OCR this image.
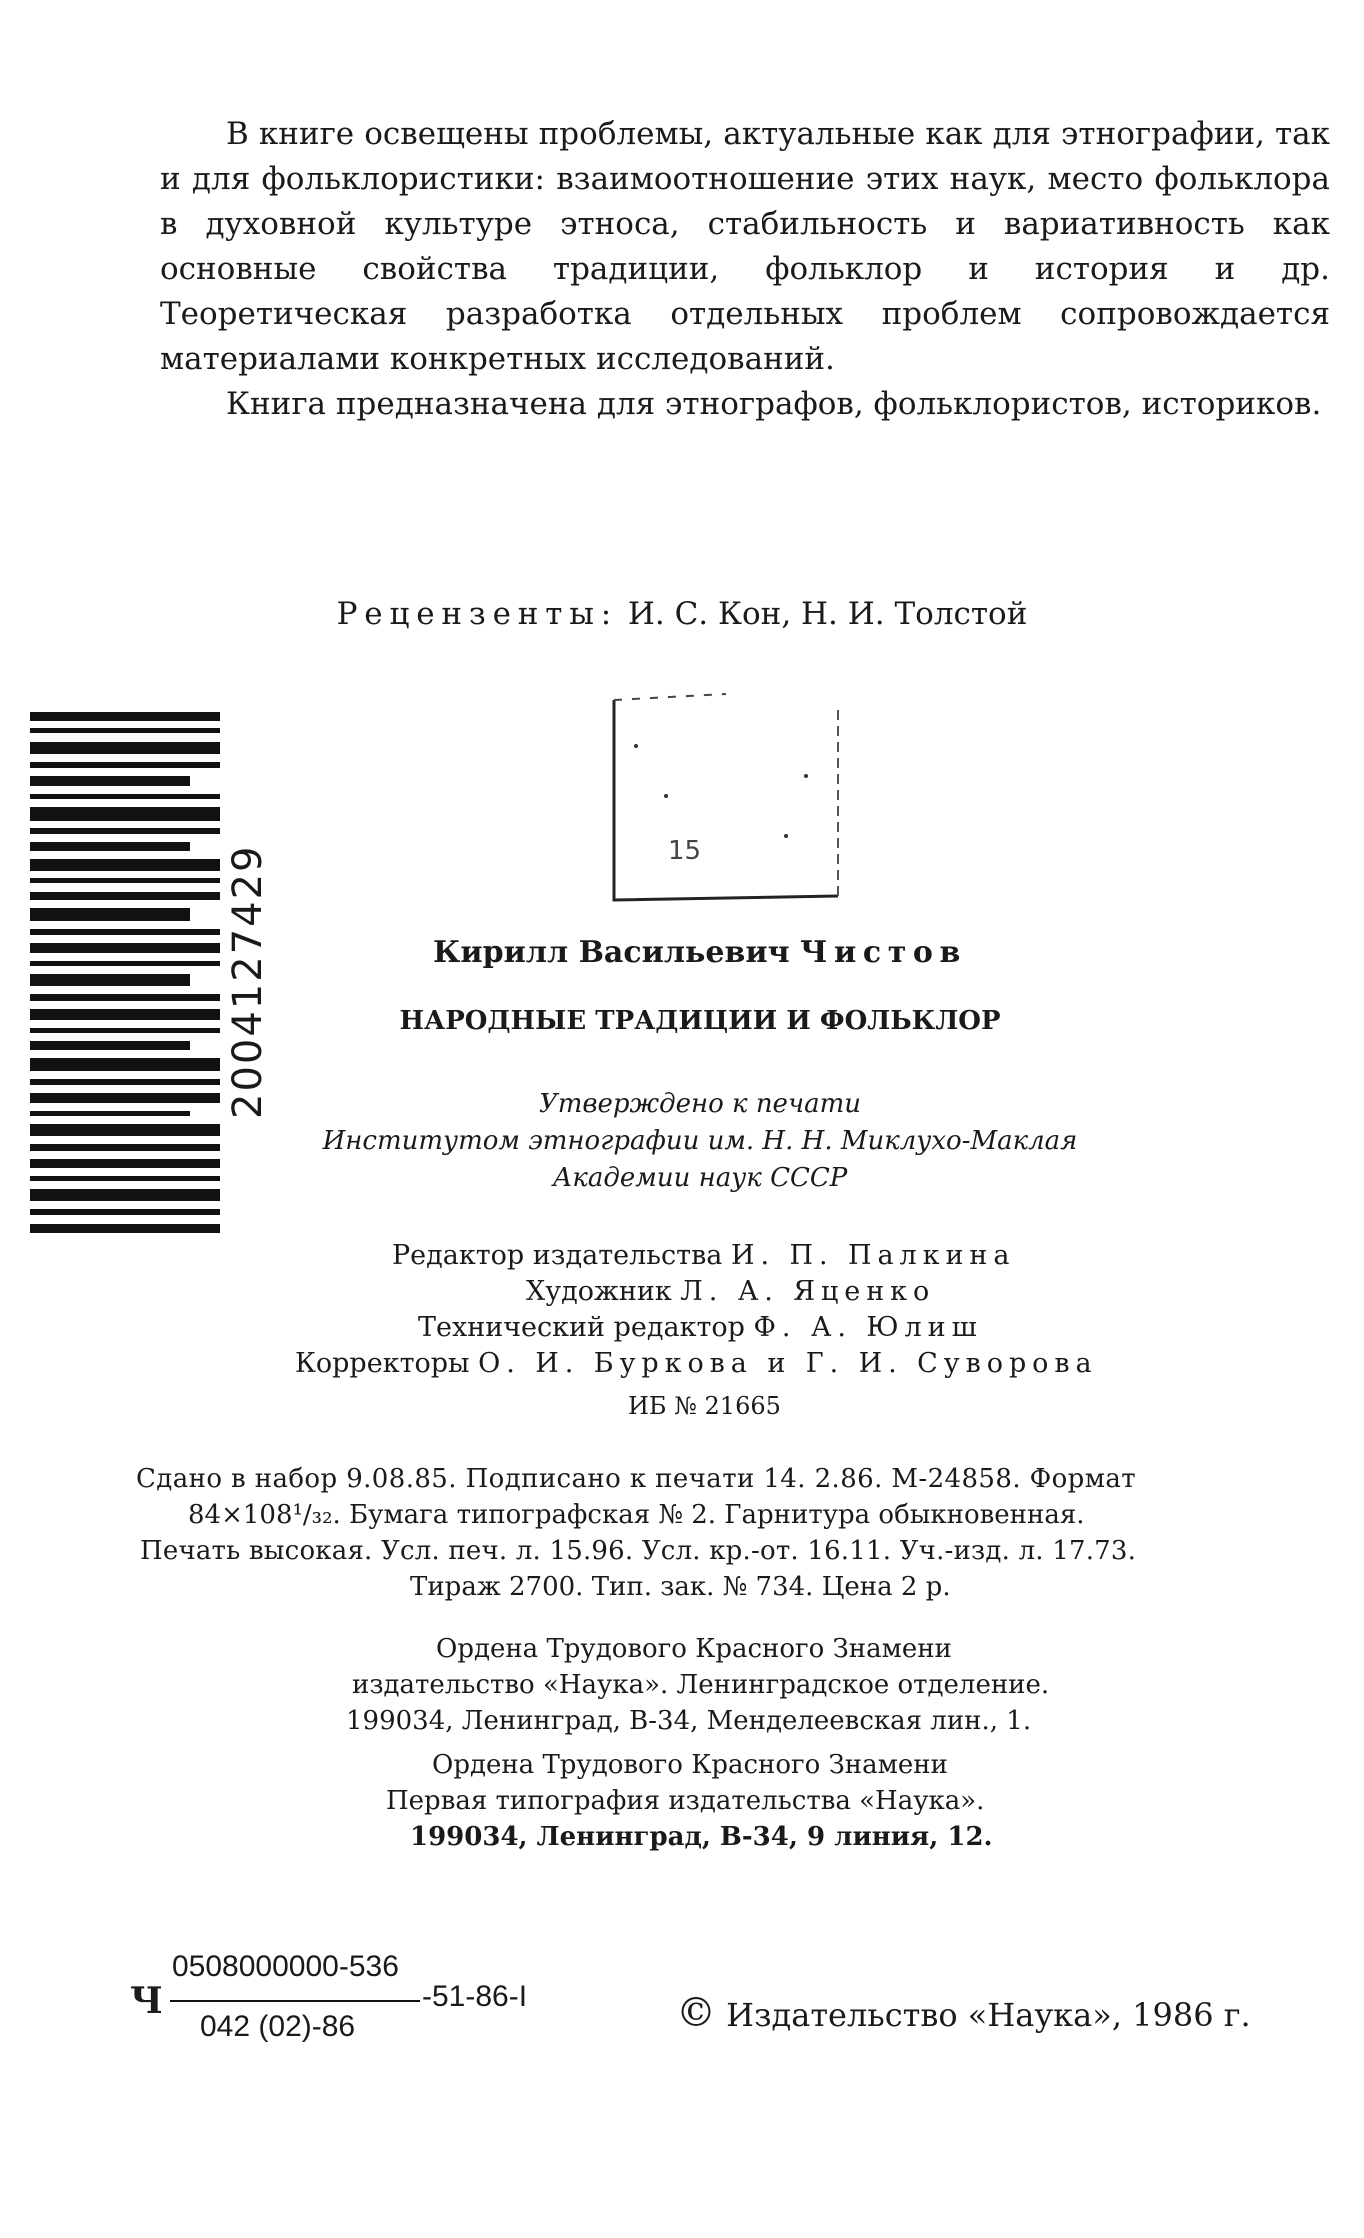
В книге освещены проблемы, актуальные как для этнографии, так и для фольклористики: взаимоотношение этих наук, место фольклора в духовной культуре этноса, стабильность и вариативность как основные свойства традиции, фольклор и история и др. Теоретическая разработка отдельных проблем сопровождается материалами конкретных исследований.

Книга предназначена для этнографов, фольклористов, историков.

Рецензенты: И. С. Кон, Н. И. Толстой
2004127429	15
Кирилл Васильевич Чистов
НАРОДНЫЕ ТРАДИЦИИ И ФОЛЬКЛОР
Утверждено к печати
Институтом этнографии им. Н. Н. Миклухо-Маклая
Академии наук СССР
Редактор издательства И. П. Палкина
Художник Л. А. Яценко
Технический редактор Ф. А. Юлиш
Корректоры О. И. Буркова и Г. И. Суворова
ИБ № 21665
Сдано в набор 9.08.85. Подписано к печати 14. 2.86. М-24858. Формат
84×108¹/₃₂. Бумага типографская № 2. Гарнитура обыкновенная.
Печать высокая. Усл. печ. л. 15.96. Усл. кр.-от. 16.11. Уч.-изд. л. 17.73.
Тираж 2700. Тип. зак. № 734. Цена 2 р.
Ордена Трудового Красного Знамени
издательство «Наука». Ленинградское отделение.
199034, Ленинград, В-34, Менделеевская лин., 1.
Ордена Трудового Красного Знамени
Первая типография издательства «Наука».
199034, Ленинград, В-34, 9 линия, 12.
Ч
0508000000-536
042 (02)-86
-51-86-I	© Издательство «Наука», 1986 г.
